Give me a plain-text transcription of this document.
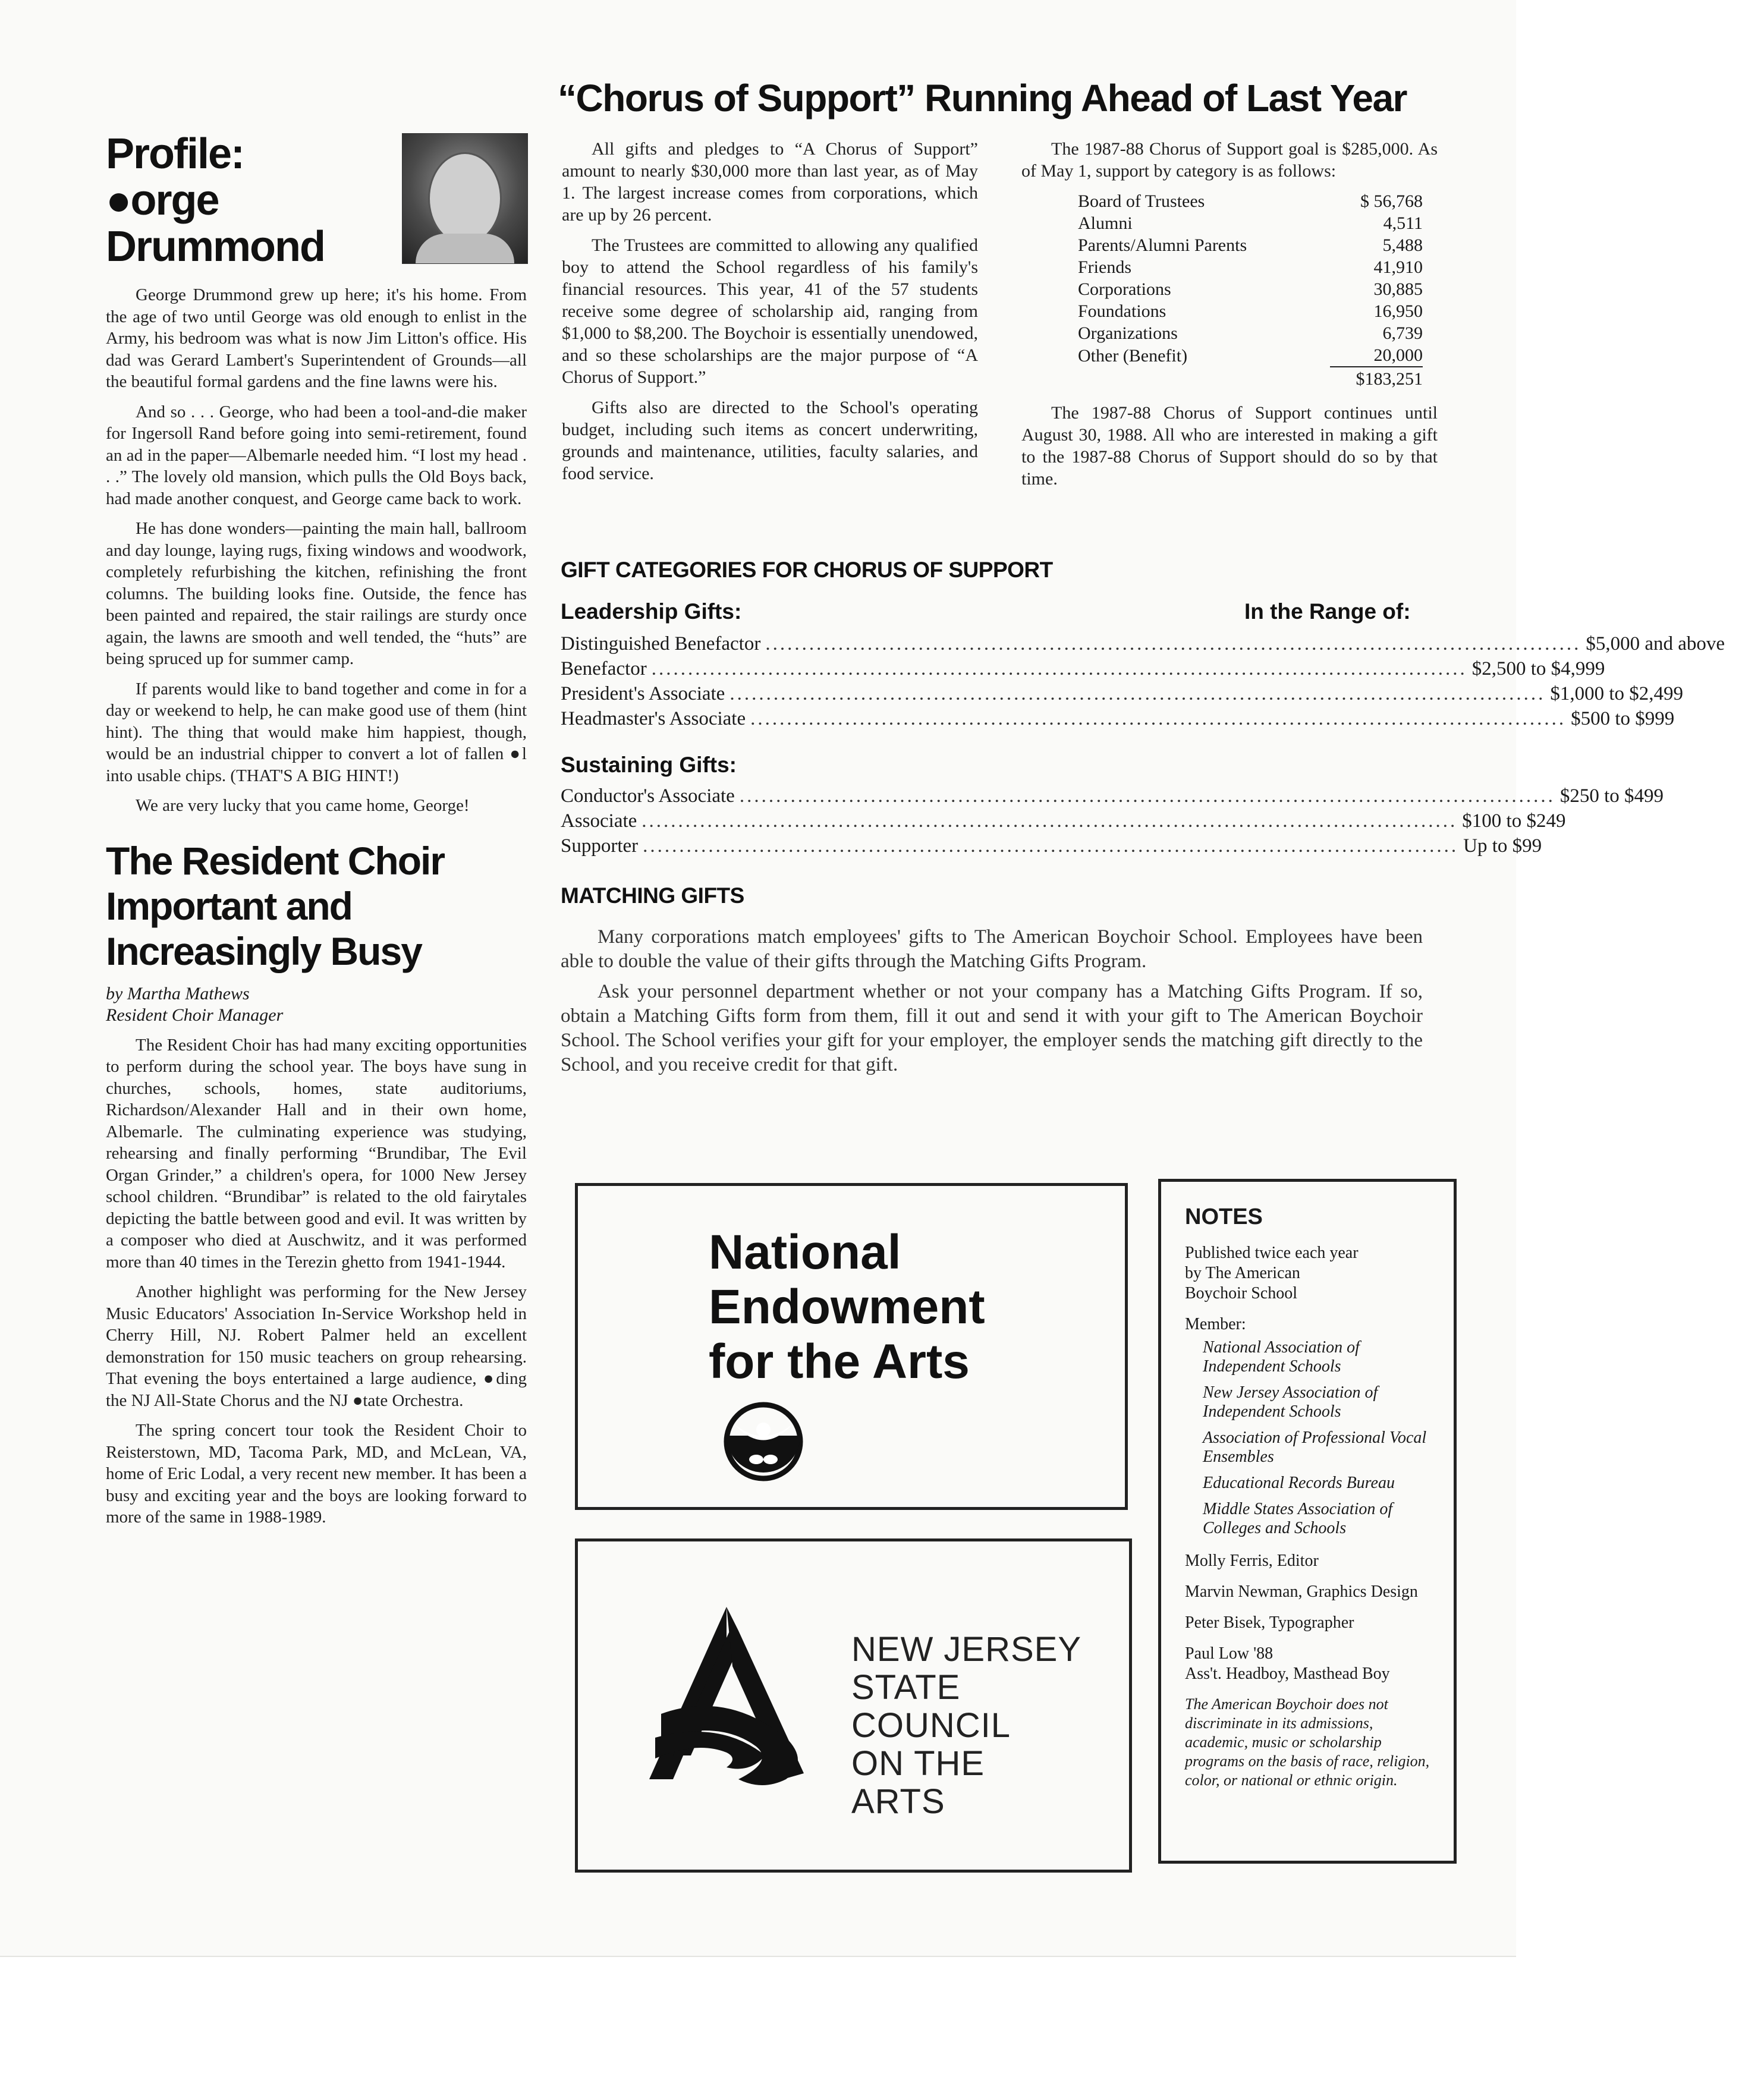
Profile:
●orge
Drummond

George Drummond grew up here; it's his home. From the age of two until George was old enough to enlist in the Army, his bedroom was what is now Jim Litton's office. His dad was Gerard Lambert's Superintendent of Grounds—all the beautiful formal gardens and the fine lawns were his.

And so . . . George, who had been a tool-and-die maker for Ingersoll Rand before going into semi-retirement, found an ad in the paper—Albemarle needed him. “I lost my head . . .” The lovely old mansion, which pulls the Old Boys back, had made another conquest, and George came back to work.

He has done wonders—painting the main hall, ballroom and day lounge, laying rugs, fixing windows and woodwork, completely refurbishing the kitchen, refinishing the front columns. The building looks fine. Outside, the fence has been painted and repaired, the stair railings are sturdy once again, the lawns are smooth and well tended, the “huts” are being spruced up for summer camp.

If parents would like to band together and come in for a day or weekend to help, he can make good use of them (hint hint). The thing that would make him happiest, though, would be an industrial chipper to convert a lot of fallen ●l into usable chips. (THAT'S A BIG HINT!)

We are very lucky that you came home, George!

The Resident Choir Important and Increasingly Busy
by Martha Mathews
Resident Choir Manager

The Resident Choir has had many exciting opportunities to perform during the school year. The boys have sung in churches, schools, homes, state auditoriums, Richardson/Alexander Hall and in their own home, Albemarle. The culminating experience was studying, rehearsing and finally performing “Brundibar, The Evil Organ Grinder,” a children's opera, for 1000 New Jersey school children. “Brundibar” is related to the old fairytales depicting the battle between good and evil. It was written by a composer who died at Auschwitz, and it was performed more than 40 times in the Terezin ghetto from 1941-1944.

Another highlight was performing for the New Jersey Music Educators' Association In-Service Workshop held in Cherry Hill, NJ. Robert Palmer held an excellent demonstration for 150 music teachers on group rehearsing. That evening the boys entertained a large audience, ●ding the NJ All-State Chorus and the NJ ●tate Orchestra.

The spring concert tour took the Resident Choir to Reisterstown, MD, Tacoma Park, MD, and McLean, VA, home of Eric Lodal, a very recent new member. It has been a busy and exciting year and the boys are looking forward to more of the same in 1988-1989.

“Chorus of Support” Running Ahead of Last Year

All gifts and pledges to “A Chorus of Support” amount to nearly $30,000 more than last year, as of May 1. The largest increase comes from corporations, which are up by 26 percent.

The Trustees are committed to allowing any qualified boy to attend the School regardless of his family's financial resources. This year, 41 of the 57 students receive some degree of scholarship aid, ranging from $1,000 to $8,200. The Boychoir is essentially unendowed, and so these scholarships are the major purpose of “A Chorus of Support.”

Gifts also are directed to the School's operating budget, including such items as concert underwriting, grounds and maintenance, utilities, faculty salaries, and food service.

The 1987-88 Chorus of Support goal is $285,000. As of May 1, support by category is as follows:

Board of Trustees	$ 56,768
Alumni	4,511
Parents/Alumni Parents	5,488
Friends	41,910
Corporations	30,885
Foundations	16,950
Organizations	6,739
Other (Benefit)	20,000
$183,251

The 1987-88 Chorus of Support continues until August 30, 1988. All who are interested in making a gift to the 1987-88 Chorus of Support should do so by that time.

GIFT CATEGORIES FOR CHORUS OF SUPPORT
Leadership Gifts:	In the Range of:
Distinguished Benefactor ................................................................................................................ $5,000 and above
Benefactor ................................................................................................................ $2,500 to $4,999
President's Associate ................................................................................................................ $1,000 to $2,499
Headmaster's Associate ................................................................................................................ $500 to $999
Sustaining Gifts:
Conductor's Associate ................................................................................................................ $250 to $499
Associate ................................................................................................................ $100 to $249
Supporter ................................................................................................................ Up to $99
MATCHING GIFTS

Many corporations match employees' gifts to The American Boychoir School. Employees have been able to double the value of their gifts through the Matching Gifts Program.

Ask your personnel department whether or not your company has a Matching Gifts Program. If so, obtain a Matching Gifts form from them, fill it out and send it with your gift to The American Boychoir School. The School verifies your gift for your employer, the employer sends the matching gift directly to the School, and you receive credit for that gift.

National
Endowment
for the Arts
NEW JERSEY
STATE
COUNCIL
ON THE
ARTS
NOTES

Published twice each year by The American Boychoir School

Member:

National Association of Independent Schools

New Jersey Association of Independent Schools

Association of Professional Vocal Ensembles

Educational Records Bureau

Middle States Association of Colleges and Schools

Molly Ferris, Editor

Marvin Newman, Graphics Design

Peter Bisek, Typographer

Paul Low '88
Ass't. Headboy, Masthead Boy

The American Boychoir does not discriminate in its admissions, academic, music or scholarship programs on the basis of race, religion, color, or national or ethnic origin.
